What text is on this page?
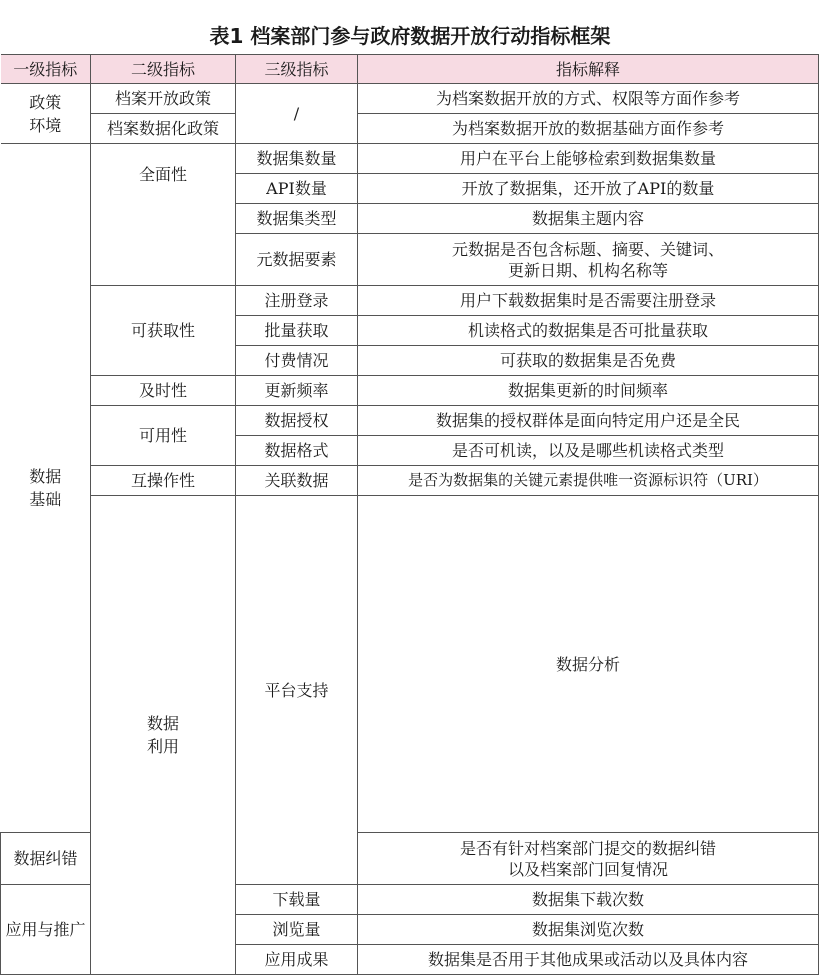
表1 档案部门参与政府数据开放行动指标框架
一级指标	二级指标	三级指标	指标解释	

政策
环境	档案开放政策	/	为档案数据开放的方式、权限等方面作参考	
	档案数据化政策		为档案数据开放的数据基础方面作参考	

数据
基础	全面性	数据集数量	用户在平台上能够检索到数据集数量	
		API数量	开放了数据集，还开放了API的数量	
		数据集类型	数据集主题内容	
		元数据要素	元数据是否包含标题、摘要、关键词、
更新日期、机构名称等	

	可获取性	注册登录	用户下载数据集时是否需要注册登录	
		批量获取	机读格式的数据集是否可批量获取	
		付费情况	可获取的数据集是否免费	
	及时性	更新频率	数据集更新的时间频率	
	可用性	数据授权	数据集的授权群体是面向特定用户还是全民	
		数据格式	是否可机读，以及是哪些机读格式类型	
	互操作性	关联数据	是否为数据集的关键元素提供唯一资源标识符（URI）	

	数据
利用	平台支持	数据分析	
数据纠错			是否有针对档案部门提交的数据纠错
以及档案部门回复情况	

应用与推广		下载量	数据集下载次数	
		浏览量	数据集浏览次数	
		应用成果	数据集是否用于其他成果或活动以及具体内容	
